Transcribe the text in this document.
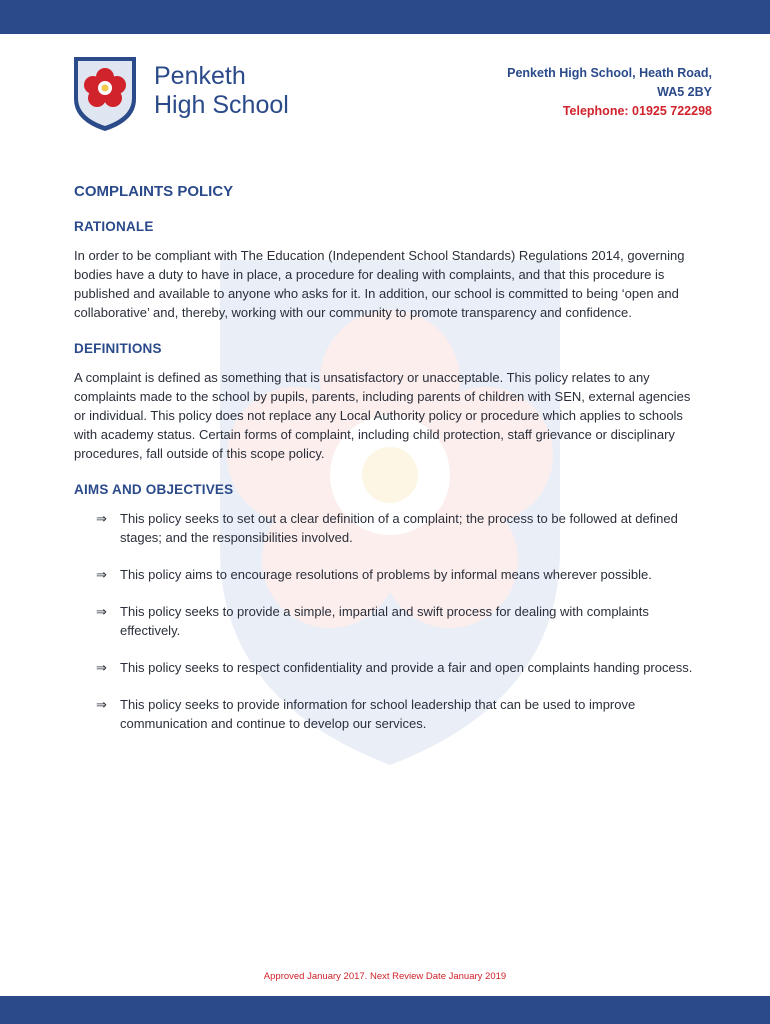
Penketh
High School
Penketh High School, Heath Road,
WA5 2BY
Telephone: 01925 722298
COMPLAINTS POLICY
RATIONALE
In order to be compliant with The Education (Independent School Standards) Regulations 2014, governing bodies have a duty to have in place, a procedure for dealing with complaints, and that this procedure is published and available to anyone who asks for it. In addition, our school is committed to being ‘open and collaborative’ and, thereby, working with our community to promote transparency and confidence.
DEFINITIONS
A complaint is defined as something that is unsatisfactory or unacceptable. This policy relates to any complaints made to the school by pupils, parents, including parents of children with SEN, external agencies or individual. This policy does not replace any Local Authority policy or procedure which applies to schools with academy status. Certain forms of complaint, including child protection, staff grievance or disciplinary procedures, fall outside of this scope policy.
AIMS AND OBJECTIVES
⇒	This policy seeks to set out a clear definition of a complaint; the process to be followed at defined stages; and the responsibilities involved.
⇒	This policy aims to encourage resolutions of problems by informal means wherever possible.
⇒	This policy seeks to provide a simple, impartial and swift process for dealing with complaints effectively.
⇒	This policy seeks to respect confidentiality and provide a fair and open complaints handing process.
⇒	This policy seeks to provide information for school leadership that can be used to improve communication and continue to develop our services.
Approved January 2017. Next Review Date January 2019
